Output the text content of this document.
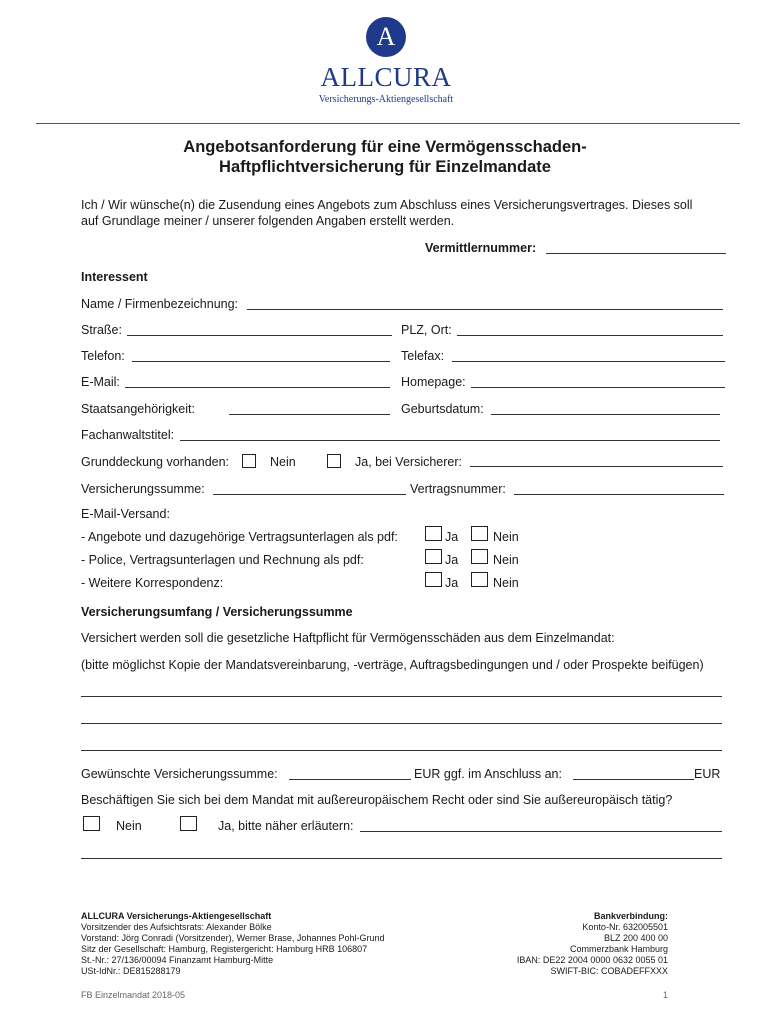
A
ALLCURA
Versicherungs-Aktiengesellschaft
Angebotsanforderung für eine Vermögensschaden-
Haftpflichtversicherung für Einzelmandate
Ich / Wir wünsche(n) die Zusendung eines Angebots zum Abschluss eines Versicherungsvertrages. Dieses soll
auf Grundlage meiner / unserer folgenden Angaben erstellt werden.
Vermittlernummer:
Interessent
Name / Firmenbezeichnung:
Straße:	PLZ, Ort:
Telefon:	Telefax:
E-Mail:	Homepage:
Staatsangehörigkeit:	Geburtsdatum:
Fachanwaltstitel:
Grunddeckung vorhanden:	Nein	Ja, bei Versicherer:
Versicherungssumme:	Vertragsnummer:
E-Mail-Versand:
- Angebote und dazugehörige Vertragsunterlagen als pdf:	Ja	Nein
- Police, Vertragsunterlagen und Rechnung als pdf:	Ja	Nein
- Weitere Korrespondenz:	Ja	Nein
Versicherungsumfang / Versicherungssumme
Versichert werden soll die gesetzliche Haftpflicht für Vermögensschäden aus dem Einzelmandat:
(bitte möglichst Kopie der Mandatsvereinbarung, -verträge, Auftragsbedingungen und / oder Prospekte beifügen)
Gewünschte Versicherungssumme:	EUR ggf. im Anschluss an:	EUR
Beschäftigen Sie sich bei dem Mandat mit außereuropäischem Recht oder sind Sie außereuropäisch tätig?
Nein	Ja, bitte näher erläutern:
ALLCURA Versicherungs-Aktiengesellschaft
Vorsitzender des Aufsichtsrats: Alexander Bölke
Vorstand: Jörg Conradi (Vorsitzender), Werner Brase, Johannes Pohl-Grund
Sitz der Gesellschaft: Hamburg, Registergericht: Hamburg HRB 106807
St.-Nr.: 27/136/00094 Finanzamt Hamburg-Mitte
USt-IdNr.: DE815288179
Bankverbindung:
Konto-Nr. 632005501
BLZ 200 400 00
Commerzbank Hamburg
IBAN: DE22 2004 0000 0632 0055 01
SWIFT-BIC: COBADEFFXXX
FB Einzelmandat 2018-05	1
